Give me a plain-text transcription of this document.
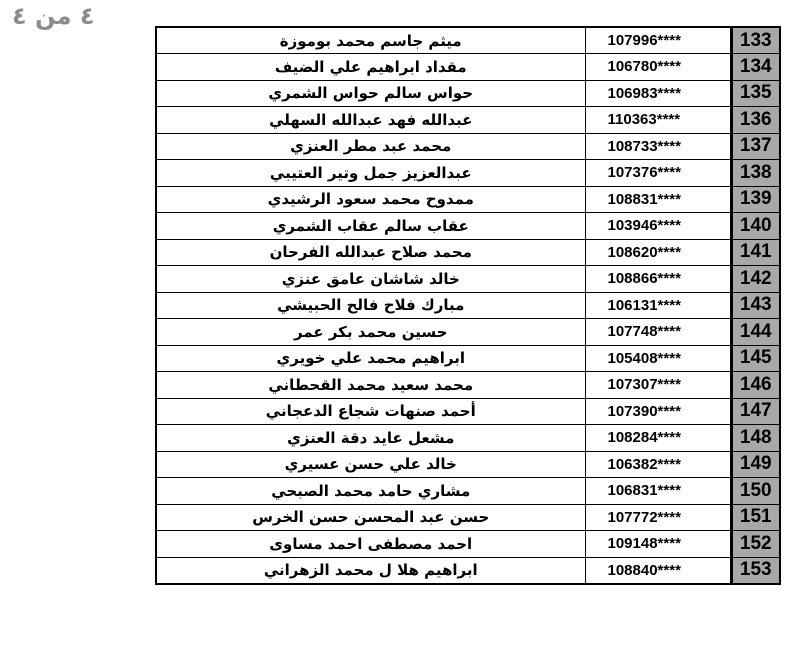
٤ من ٤
ميثم جاسم محمد بوموزة	107996****	133
مقداد ابراهيم علي الضيف	106780****	134
حواس سالم حواس الشمري	106983****	135
عبدالله فهد عبدالله السهلي	110363****	136
محمد عبد مطر العنزي	108733****	137
عبدالعزيز جمل وتير العتيبي	107376****	138
ممدوح محمد سعود الرشيدي	108831****	139
عقاب سالم عقاب الشمري	103946****	140
محمد صلاح عبدالله الفرحان	108620****	141
خالد شاشان عامق عنزي	108866****	142
مبارك فلاح فالح الحبيشي	106131****	143
حسين محمد بكر عمر	107748****	144
ابراهيم محمد علي خويري	105408****	145
محمد سعيد محمد القحطاني	107307****	146
أحمد صنهات شجاع الدعجاني	107390****	147
مشعل عايد دقة العنزي	108284****	148
خالد علي حسن عسيري	106382****	149
مشاري حامد محمد الصبحي	106831****	150
حسن عبد المحسن حسن الخرس	107772****	151
احمد مصطفى احمد مساوى	109148****	152
ابراهيم هلا ل محمد الزهراني	108840****	153
